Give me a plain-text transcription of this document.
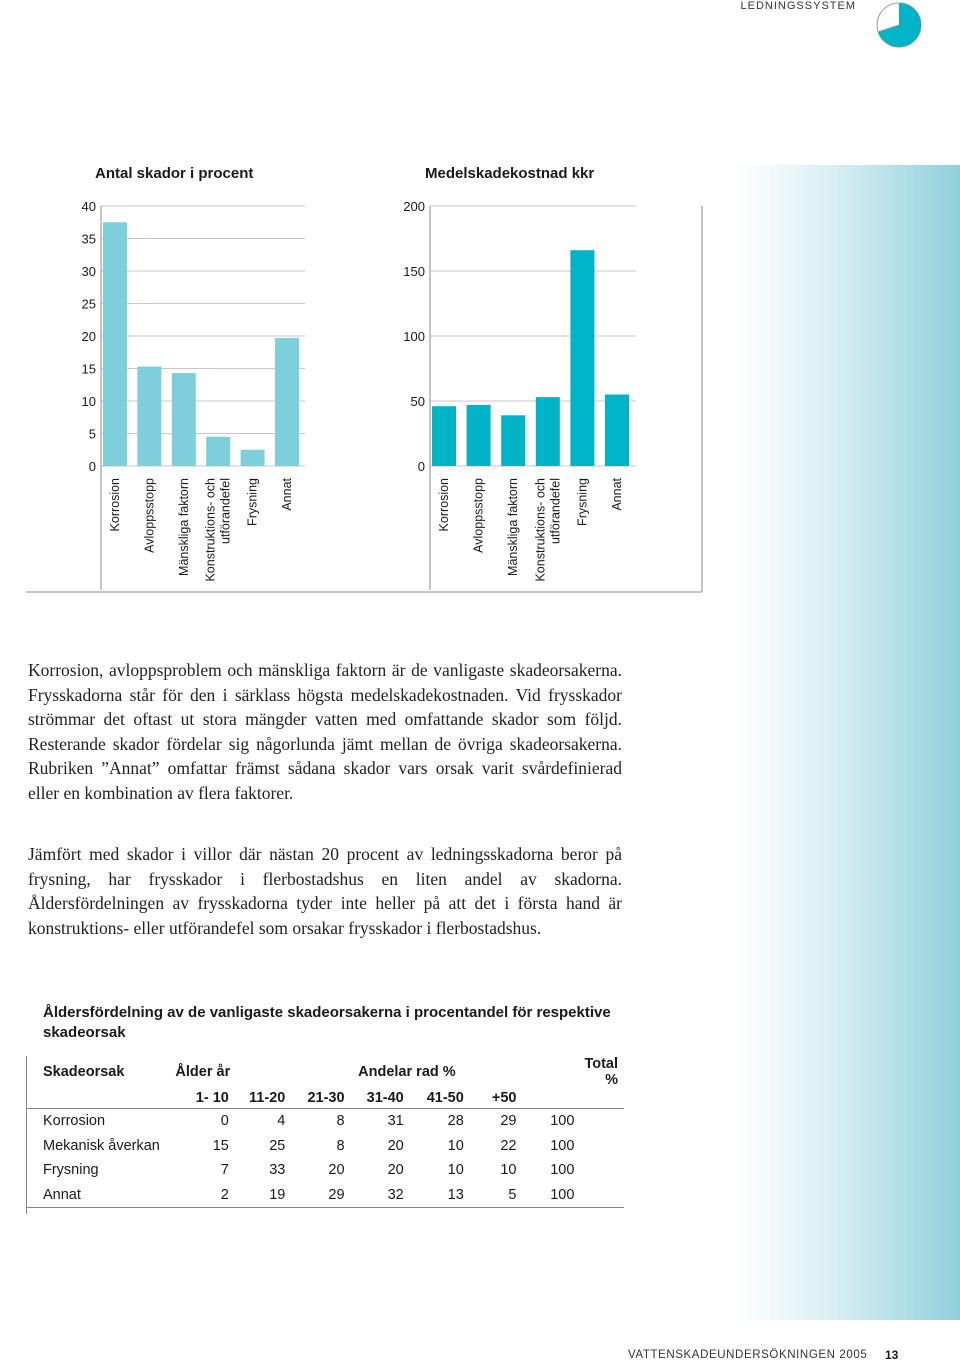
LEDNINGSSYSTEM
Antal skador i procent	Medelskadekostnad kkr
0
5
10
15
20
25
30
35
40
Korrosion Avloppsstopp Mänskliga faktorn Konstruktions- och utförandefel Frysning Annat
0
50
100
150
200
Korrosion Avloppsstopp Mänskliga faktorn Konstruktions- och utförandefel Frysning Annat

Korrosion, avloppsproblem och mänskliga faktorn är de vanligaste skadeorsakerna. Frysskadorna står för den i särklass högsta medelskadekostnaden. Vid frysskador strömmar det oftast ut stora mängder vatten med omfattande skador som följd. Resterande skador fördelar sig någorlunda jämt mellan de övriga skadeorsakerna. Rubriken ”Annat” omfattar främst sådana skador vars orsak varit svårdefinierad eller en kombination av flera faktorer.

Jämfört med skador i villor där nästan 20 procent av ledningsskadorna beror på frysning, har frysskador i flerbostadshus en liten andel av skadorna. Åldersfördelningen av frysskadorna tyder inte heller på att det i första hand är konstruktions- eller utförandefel som orsakar frysskador i flerbostadshus.

Åldersfördelning av de vanligaste skadeorsakerna i procentandel för respektive skadeorsak
Skadeorsak	Ålder år		Andelar rad %					Total %
	1- 10	11-20	21-30	31-40	41-50	+50		
Korrosion	0	4	8	31	28	29	100	
Mekanisk åverkan	15	25	8	20	10	22	100	
Frysning	7	33	20	20	10	10	100	
Annat	2	19	29	32	13	5	100	
VATTENSKADEUNDERSÖKNINGEN 2005 13
